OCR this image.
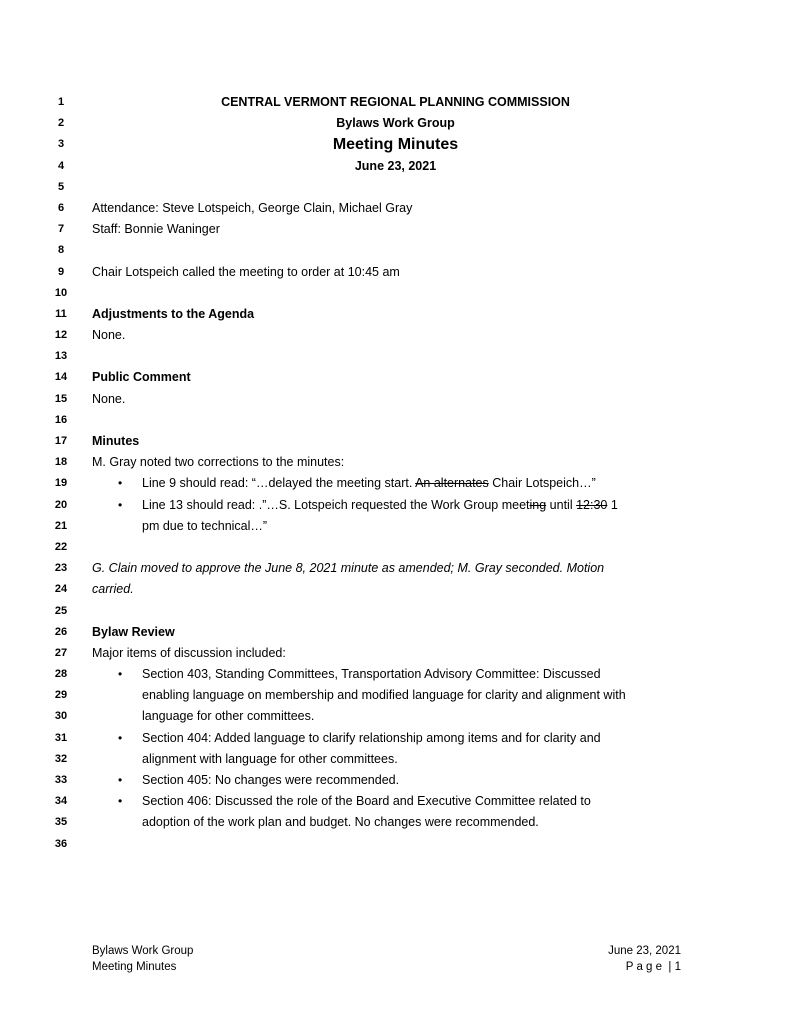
1	CENTRAL VERMONT REGIONAL PLANNING COMMISSION
2	Bylaws Work Group
3	Meeting Minutes
4	June 23, 2021
5
6	Attendance: Steve Lotspeich, George Clain, Michael Gray
7	Staff: Bonnie Waninger
8
9	Chair Lotspeich called the meeting to order at 10:45 am
10
11	Adjustments to the Agenda
12	None.
13
14	Public Comment
15	None.
16
17	Minutes
18	M. Gray noted two corrections to the minutes:
19 •	Line 9 should read: “…delayed the meeting start. An alternates Chair Lotspeich…”
20 •	Line 13 should read: .”…S. Lotspeich requested the Work Group meeting until 12:30 1
21	pm due to technical…”
22
23	G. Clain moved to approve the June 8, 2021 minute as amended; M. Gray seconded. Motion
24	carried.
25
26	Bylaw Review
27	Major items of discussion included:
28 •	Section 403, Standing Committees, Transportation Advisory Committee: Discussed
29	enabling language on membership and modified language for clarity and alignment with
30	language for other committees.
31 •	Section 404: Added language to clarify relationship among items and for clarity and
32	alignment with language for other committees.
33 •	Section 405: No changes were recommended.
34 •	Section 406: Discussed the role of the Board and Executive Committee related to
35	adoption of the work plan and budget. No changes were recommended.
36
Bylaws Work Group
Meeting Minutes
June 23, 2021
P a g e  | 1
